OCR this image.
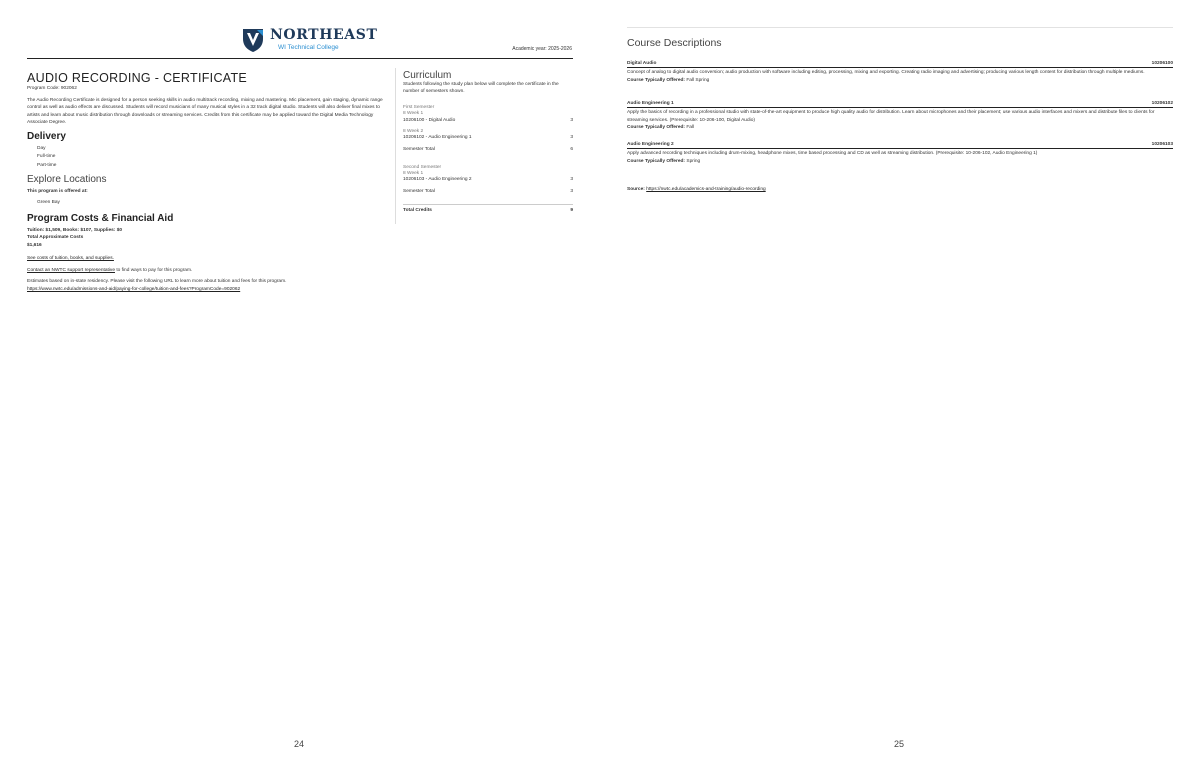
NORTHEAST
WI Technical College	Academic year: 2025-2026
AUDIO RECORDING - CERTIFICATE
Program Code: 902062
The Audio Recording Certificate is designed for a person seeking skills in audio multitrack recording, mixing and mastering. Mic placement, gain staging, dynamic range control as well as audio effects are discussed. Students will record musicians of many musical styles in a 32 track digital studio. Students will also deliver final mixes to artists and learn about music distribution through downloads or streaming services. Credits from this certificate may be applied toward the Digital Media Technology Associate Degree.
Delivery
Day
Full-time
Part-time
Explore Locations
This program is offered at:
Green Bay
Program Costs & Financial Aid
Tuition: $1,509, Books: $107, Supplies: $0
Total Approximate Costs
$1,616
See costs of tuition, books, and supplies.
Contact an NWTC support representative to find ways to pay for this program.
Estimates based on in-state residency. Please visit the following URL to learn more about tuition and fees for this program.
https://www.nwtc.edu/admissions-and-aid/paying-for-college/tuition-and-fees?ProgramCode=902062
Curriculum
Students following the study plan below will complete the certificate in the number of semesters shown.
First Semester
8 Week 1
10206100 - Digital Audio	3
8 Week 2
10206102 - Audio Engineering 1	3
Semester Total	6
Second Semester
8 Week 1
10206103 - Audio Engineering 2	3
Semester Total	3
Total Credits	9
24
Course Descriptions
Digital Audio	10206100
Concept of analog to digital audio conversion; audio production with software including editing, processing, mixing and exporting. Creating radio imaging and advertising; producing various length content for distribution through multiple mediums.
Course Typically Offered: Fall Spring
Audio Engineering 1	10206102
Apply the basics of recording in a professional studio with state-of-the-art equipment to produce high quality audio for distribution. Learn about microphones and their placement; use various audio interfaces and mixers and distribute files to clients for streaming services. (Prerequisite: 10-206-100, Digital Audio)
Course Typically Offered: Fall
Audio Engineering 2	10206103
Apply advanced recording techniques including drum-mixing, headphone mixes, time based processing and CD as well as streaming distribution. (Prerequisite: 10-206-102, Audio Engineering 1)
Course Typically Offered: Spring
Source: https://nwtc.edu/academics-and-training/audio-recording
25
